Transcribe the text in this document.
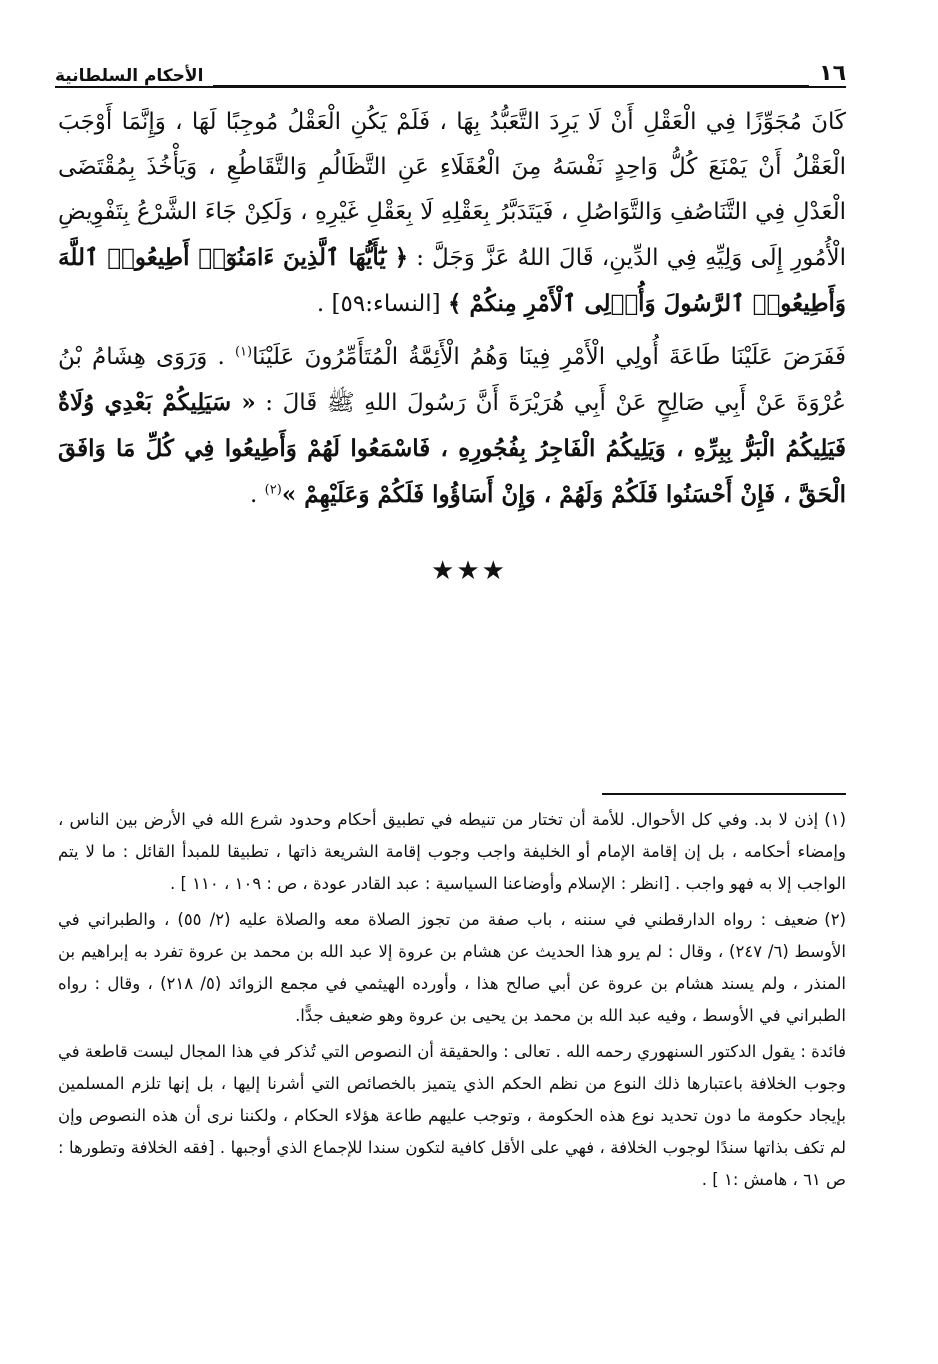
١٦
الأحكام السلطانية

كَانَ مُجَوِّزًا فِي الْعَقْلِ أَنْ لَا يَرِدَ التَّعَبُّدُ بِهَا ، فَلَمْ يَكُنِ الْعَقْلُ مُوجِبًا لَهَا ، وَإِنَّمَا أَوْجَبَ الْعَقْلُ أَنْ يَمْنَعَ كُلُّ وَاحِدٍ نَفْسَهُ مِنَ الْعُقَلَاءِ عَنِ التَّظَالُمِ وَالتَّقَاطُعِ ، وَيَأْخُذَ بِمُقْتَضَى الْعَدْلِ فِي التَّنَاصُفِ وَالتَّوَاصُلِ ، فَيَتَدَبَّرُ بِعَقْلِهِ لَا بِعَقْلِ غَيْرِهِ ، وَلَكِنْ جَاءَ الشَّرْعُ بِتَفْوِيضِ الْأُمُورِ إِلَى وَلِيِّهِ فِي الدِّينِ، قَالَ اللهُ عَزَّ وَجَلَّ : ﴿ يَٰٓأَيُّهَا ٱلَّذِينَ ءَامَنُوٓا۟ أَطِيعُوا۟ ٱللَّهَ وَأَطِيعُوا۟ ٱلرَّسُولَ وَأُو۟لِى ٱلْأَمْرِ مِنكُمْ ﴾ [النساء:٥٩] .

فَفَرَضَ عَلَيْنَا طَاعَةَ أُولِي الْأَمْرِ فِينَا وَهُمُ الْأَئِمَّةُ الْمُتَأَمِّرُونَ عَلَيْنَا$^{(١)}$ . وَرَوَى هِشَامُ بْنُ عُرْوَةَ عَنْ أَبِي صَالِحٍ عَنْ أَبِي هُرَيْرَةَ أَنَّ رَسُولَ اللهِ ﷺ قَالَ : « سَيَلِيكُمْ بَعْدِي وُلَاةٌ فَيَلِيكُمُ الْبَرُّ بِبِرِّهِ ، وَيَلِيكُمُ الْفَاجِرُ بِفُجُورِهِ ، فَاسْمَعُوا لَهُمْ وَأَطِيعُوا فِي كُلِّ مَا وَافَقَ الْحَقَّ ، فَإِنْ أَحْسَنُوا فَلَكُمْ وَلَهُمْ ، وَإِنْ أَسَاؤُوا فَلَكُمْ وَعَلَيْهِمْ »$^{(٢)}$ .

★★★

(١)إذن لا بد. وفي كل الأحوال. للأمة أن تختار من تنيطه في تطبيق أحكام وحدود شرع الله في الأرض بين الناس ، وإمضاء أحكامه ، بل إن إقامة الإمام أو الخليفة واجب وجوب إقامة الشريعة ذاتها ، تطبيقا للمبدأ القائل : ما لا يتم الواجب إلا به فهو واجب . [انظر : الإسلام وأوضاعنا السياسية : عبد القادر عودة ، ص : ١٠٩ ، ١١٠ ] .

(٢)ضعيف : رواه الدارقطني في سننه ، باب صفة من تجوز الصلاة معه والصلاة عليه (٢/ ٥٥) ، والطبراني في الأوسط (٦/ ٢٤٧) ، وقال : لم يرو هذا الحديث عن هشام بن عروة إلا عبد الله بن محمد بن عروة تفرد به إبراهيم بن المنذر ، ولم يسند هشام بن عروة عن أبي صالح هذا ، وأورده الهيثمي في مجمع الزوائد (٥/ ٢١٨) ، وقال : رواه الطبراني في الأوسط ، وفيه عبد الله بن محمد بن يحيى بن عروة وهو ضعيف جدًّا.

فائدة : يقول الدكتور السنهوري رحمه الله . تعالى : والحقيقة أن النصوص التي تُذكر في هذا المجال ليست قاطعة في وجوب الخلافة باعتبارها ذلك النوع من نظم الحكم الذي يتميز بالخصائص التي أشرنا إليها ، بل إنها تلزم المسلمين بإيجاد حكومة ما دون تحديد نوع هذه الحكومة ، وتوجب عليهم طاعة هؤلاء الحكام ، ولكننا نرى أن هذه النصوص وإن لم تكف بذاتها سندًا لوجوب الخلافة ، فهي على الأقل كافية لتكون سندا للإجماع الذي أوجبها . [فقه الخلافة وتطورها : ص ٦١ ، هامش :١ ] .
